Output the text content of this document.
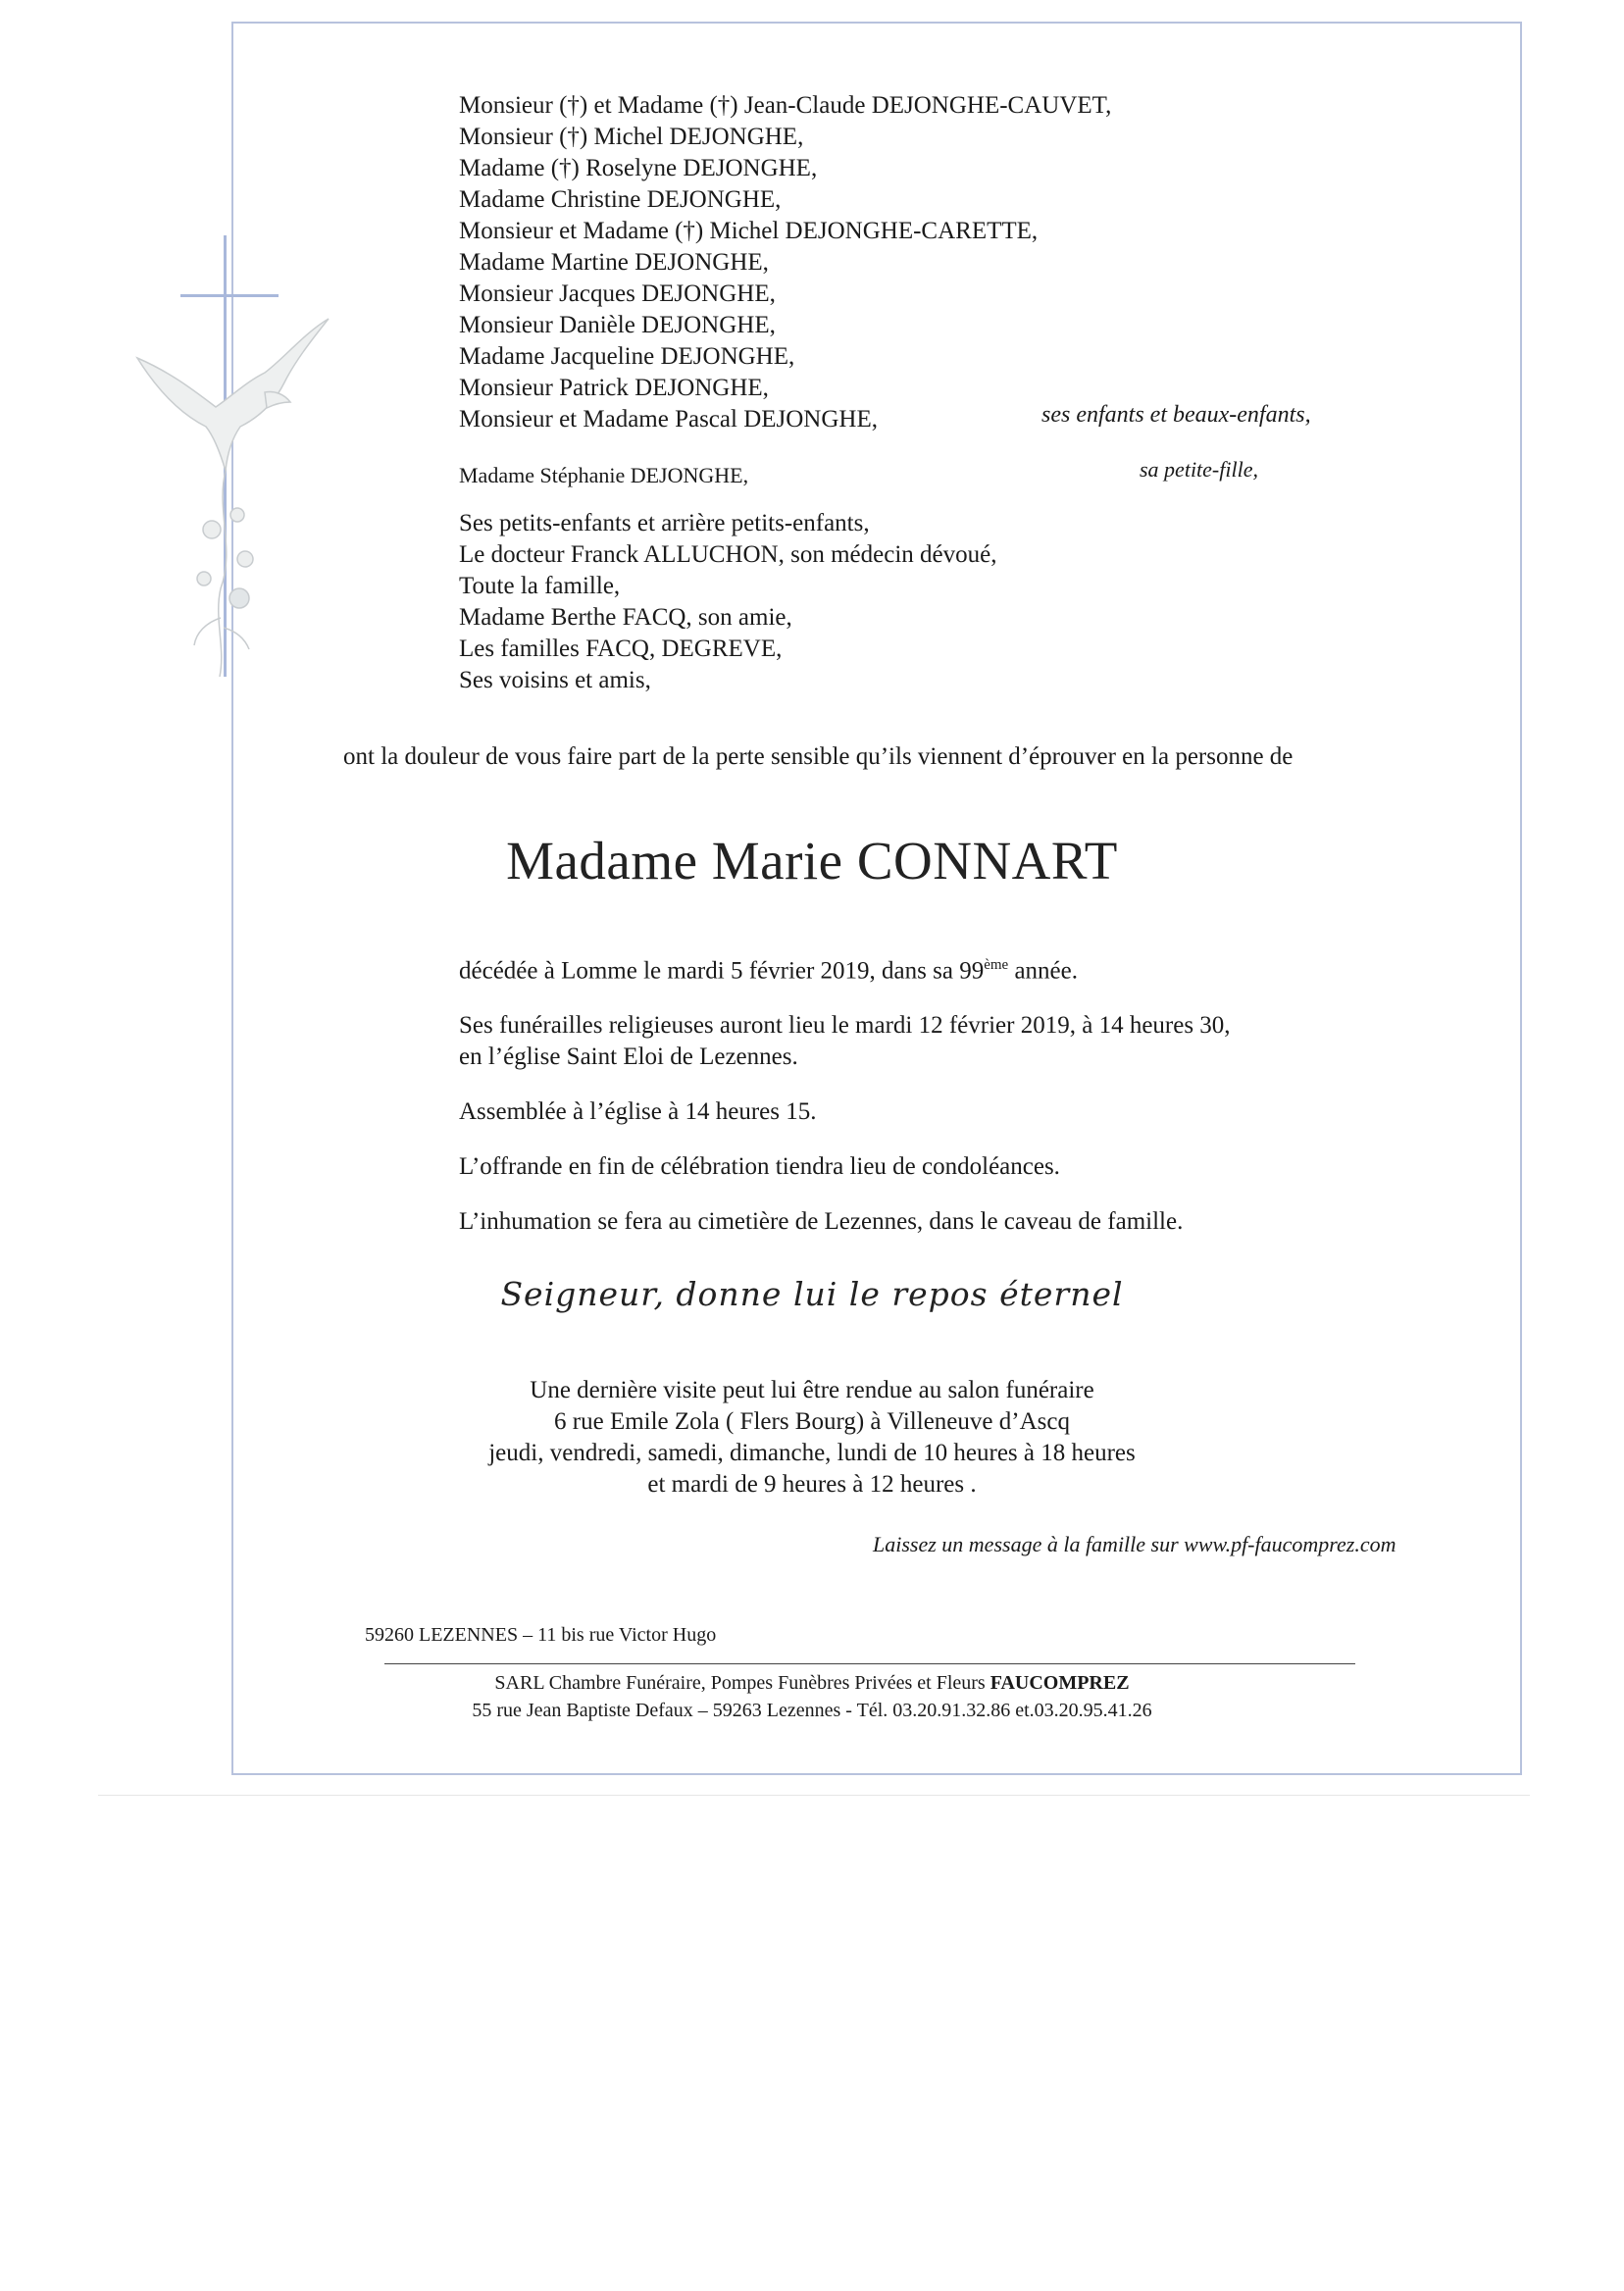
Monsieur (†) et Madame (†) Jean-Claude DEJONGHE-CAUVET,
Monsieur (†) Michel DEJONGHE,
Madame (†) Roselyne DEJONGHE,
Madame Christine DEJONGHE,
Monsieur et Madame (†) Michel DEJONGHE-CARETTE,
Madame Martine DEJONGHE,
Monsieur Jacques DEJONGHE,
Monsieur Danièle DEJONGHE,
Madame Jacqueline DEJONGHE,
Monsieur Patrick DEJONGHE,
Monsieur et Madame Pascal DEJONGHE,	ses enfants et beaux-enfants,
Madame Stéphanie DEJONGHE,	sa petite-fille,
Ses petits-enfants et arrière petits-enfants,
Le docteur Franck ALLUCHON, son médecin dévoué,
Toute la famille,
Madame Berthe FACQ, son amie,
Les familles FACQ, DEGREVE,
Ses voisins et amis,
ont la douleur de vous faire part de la perte sensible qu’ils viennent d’éprouver en la personne de
Madame Marie CONNART

décédée à Lomme le mardi 5 février 2019, dans sa 99ème année.

Ses funérailles religieuses auront lieu le mardi 12 février 2019, à 14 heures 30,
en l’église Saint Eloi de Lezennes.

Assemblée à l’église à 14 heures 15.

L’offrande en fin de célébration tiendra lieu de condoléances.

L’inhumation se fera au cimetière de Lezennes, dans le caveau de famille.

Seigneur, donne lui le repos éternel
Une dernière visite peut lui être rendue au salon funéraire
6 rue Emile Zola ( Flers Bourg) à Villeneuve d’Ascq
jeudi, vendredi, samedi, dimanche, lundi de 10 heures à 18 heures
et mardi de 9 heures à 12 heures .
Laissez un message à la famille sur www.pf-faucomprez.com
59260 LEZENNES – 11 bis rue Victor Hugo
SARL Chambre Funéraire, Pompes Funèbres Privées et Fleurs FAUCOMPREZ
55 rue Jean Baptiste Defaux – 59263 Lezennes - Tél. 03.20.91.32.86 et.03.20.95.41.26
